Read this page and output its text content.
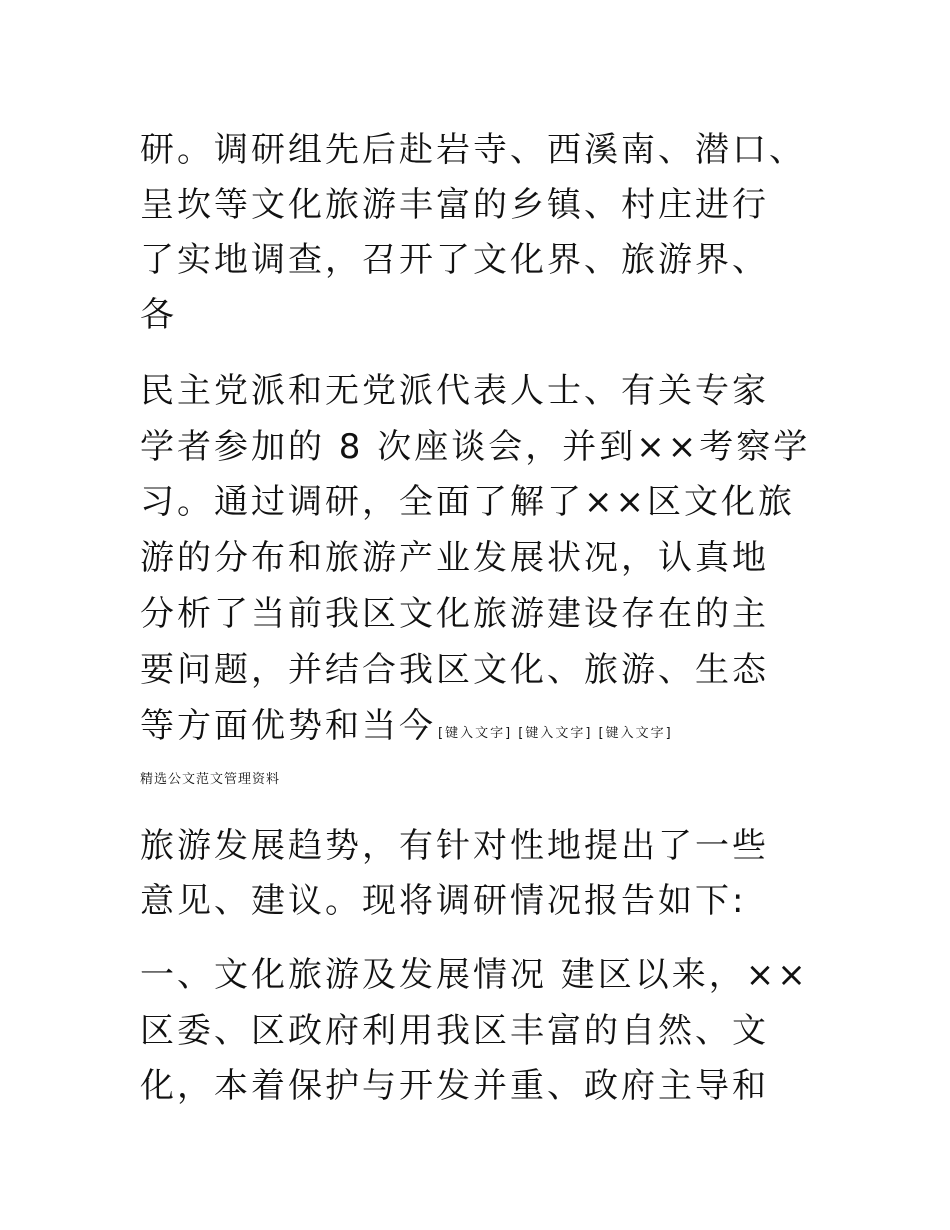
研。调研组先后赴岩寺、西溪南、潜口、
呈坎等文化旅游丰富的乡镇、村庄进行
了实地调查，召开了文化界、旅游界、
各
民主党派和无党派代表人士、有关专家
学者参加的 8 次座谈会，并到××考察学
习。通过调研，全面了解了××区文化旅
游的分布和旅游产业发展状况，认真地
分析了当前我区文化旅游建设存在的主
要问题，并结合我区文化、旅游、生态
等方面优势和当今 [键入文字] [键入文字] [键入文字]
精选公文范文管理资料
旅游发展趋势，有针对性地提出了一些
意见、建议。现将调研情况报告如下:
一、文化旅游及发展情况 建区以来，××
区委、区政府利用我区丰富的自然、文
化，本着保护与开发并重、政府主导和
